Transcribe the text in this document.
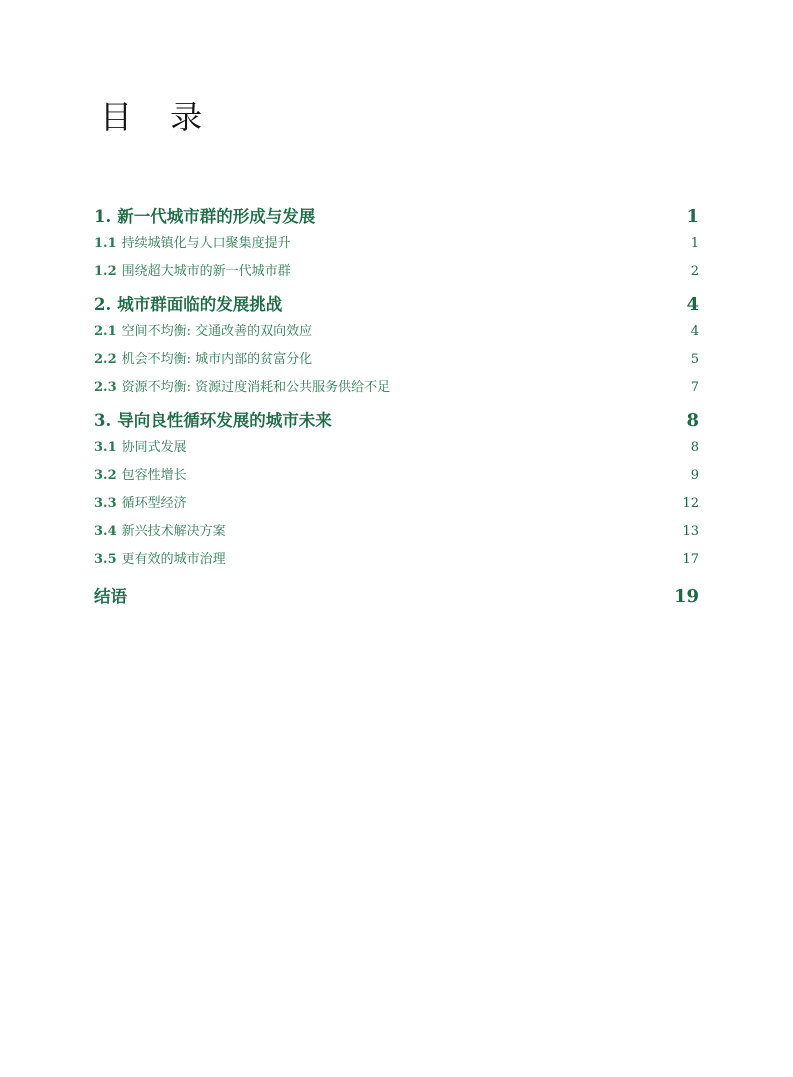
目 录
1. 新一代城市群的形成与发展	1
1.1 持续城镇化与人口聚集度提升	1
1.2 围绕超大城市的新一代城市群	2
2. 城市群面临的发展挑战	4
2.1 空间不均衡: 交通改善的双向效应	4
2.2 机会不均衡: 城市内部的贫富分化	5
2.3 资源不均衡: 资源过度消耗和公共服务供给不足	7
3. 导向良性循环发展的城市未来	8
3.1 协同式发展	8
3.2 包容性增长	9
3.3 循环型经济	12
3.4 新兴技术解决方案	13
3.5 更有效的城市治理	17
结语	19
